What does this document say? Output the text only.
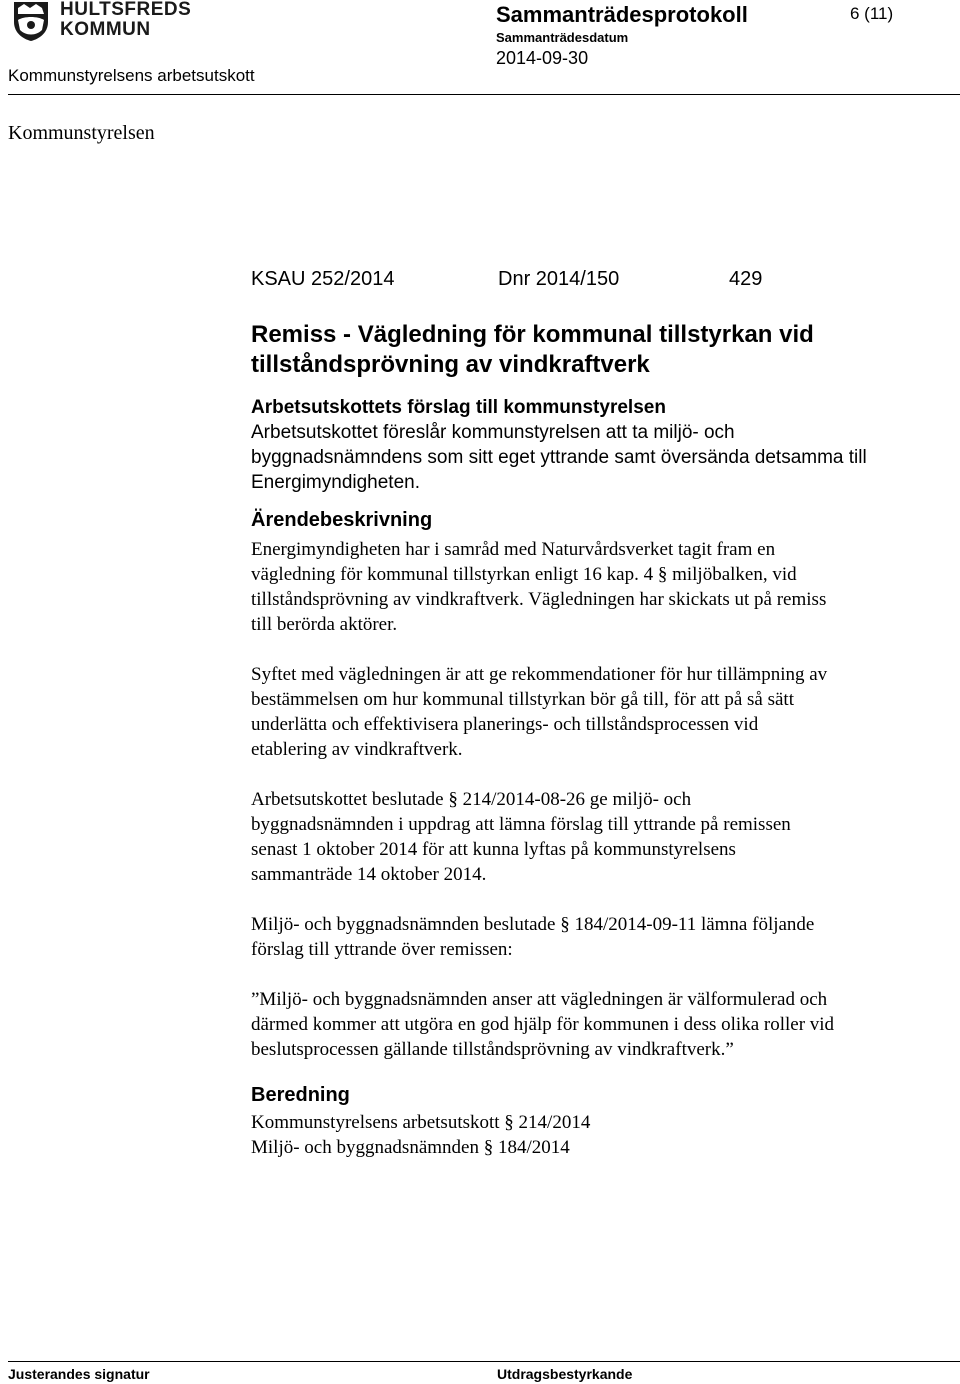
HULTSFREDS
KOMMUN
Kommunstyrelsens arbetsutskott
Sammanträdesprotokoll
Sammanträdesdatum
2014-09-30
6 (11)
Kommunstyrelsen
KSAU 252/2014	Dnr 2014/150	429
Remiss - Vägledning för kommunal tillstyrkan vid
tillståndsprövning av vindkraftverk
Arbetsutskottets förslag till kommunstyrelsen

Arbetsutskottet föreslår kommunstyrelsen att ta miljö- och
byggnadsnämndens som sitt eget yttrande samt översända detsamma till
Energimyndigheten.

Ärendebeskrivning

Energimyndigheten har i samråd med Naturvårdsverket tagit fram en
vägledning för kommunal tillstyrkan enligt 16 kap. 4 § miljöbalken, vid
tillståndsprövning av vindkraftverk. Vägledningen har skickats ut på remiss
till berörda aktörer.

Syftet med vägledningen är att ge rekommendationer för hur tillämpning av
bestämmelsen om hur kommunal tillstyrkan bör gå till, för att på så sätt
underlätta och effektivisera planerings- och tillståndsprocessen vid
etablering av vindkraftverk.

Arbetsutskottet beslutade § 214/2014-08-26 ge miljö- och
byggnadsnämnden i uppdrag att lämna förslag till yttrande på remissen
senast 1 oktober 2014 för att kunna lyftas på kommunstyrelsens
sammanträde 14 oktober 2014.

Miljö- och byggnadsnämnden beslutade § 184/2014-09-11 lämna följande
förslag till yttrande över remissen:

”Miljö- och byggnadsnämnden anser att vägledningen är välformulerad och
därmed kommer att utgöra en god hjälp för kommunen i dess olika roller vid
beslutsprocessen gällande tillståndsprövning av vindkraftverk.”

Beredning

Kommunstyrelsens arbetsutskott § 214/2014
Miljö- och byggnadsnämnden § 184/2014

Justerandes signatur	Utdragsbestyrkande
